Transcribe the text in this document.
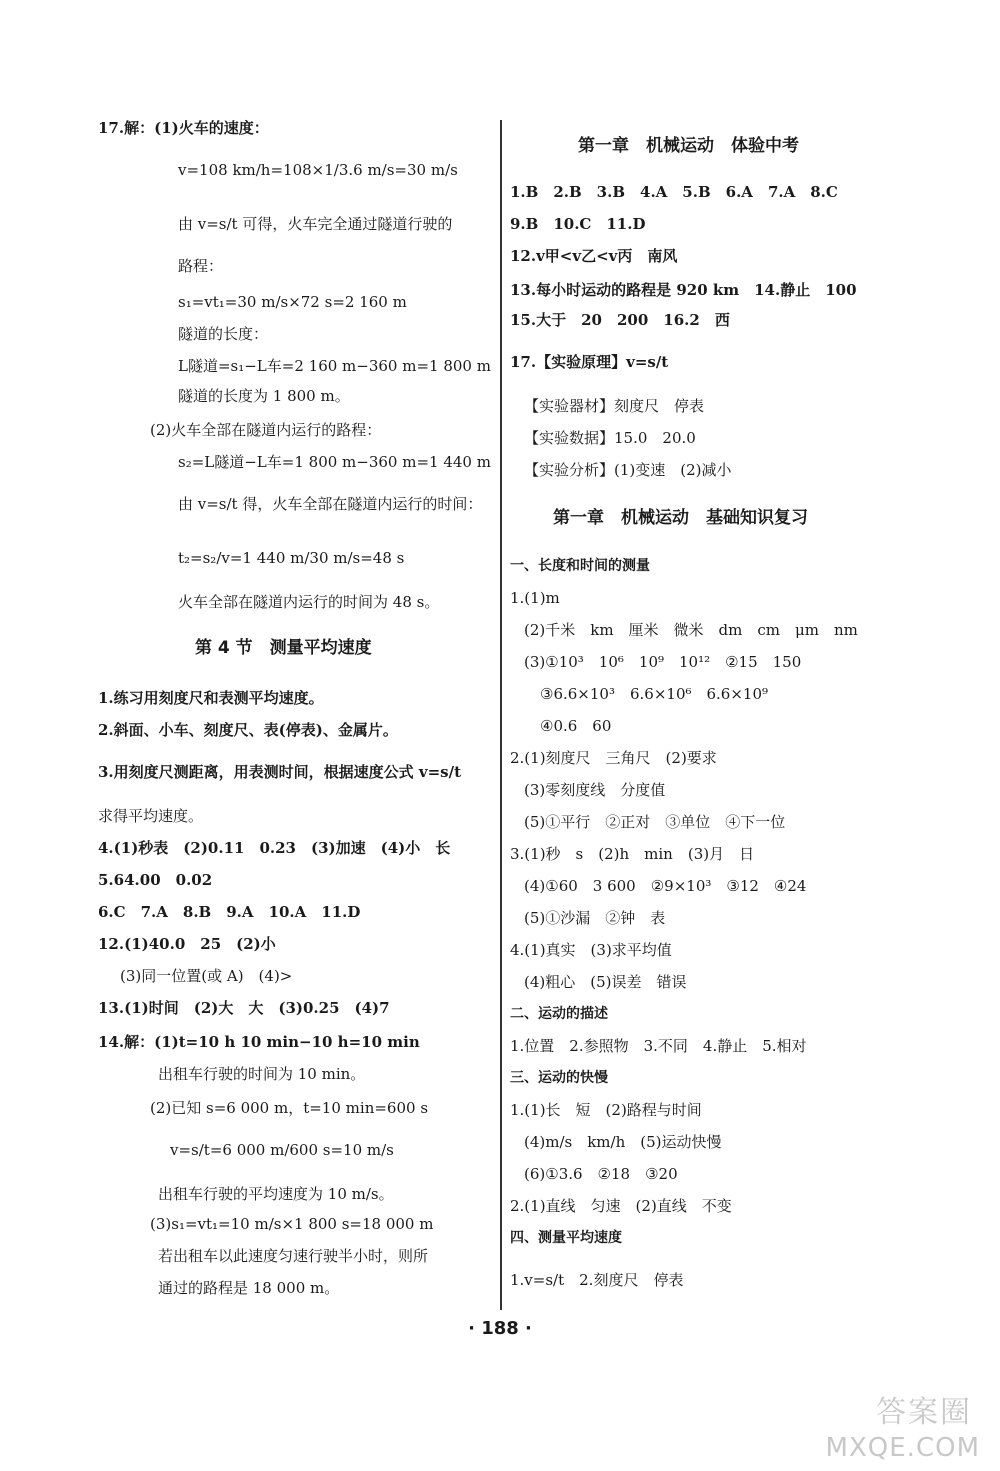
17.解：(1)火车的速度：
v=108 km/h=108×1/3.6 m/s=30 m/s
由 v=s/t 可得，火车完全通过隧道行驶的
路程：
s₁=vt₁=30 m/s×72 s=2 160 m
隧道的长度：
L隧道=s₁−L车=2 160 m−360 m=1 800 m
隧道的长度为 1 800 m。
(2)火车全部在隧道内运行的路程：
s₂=L隧道−L车=1 800 m−360 m=1 440 m
由 v=s/t 得，火车全部在隧道内运行的时间：
t₂=s₂/v=1 440 m/30 m/s=48 s
火车全部在隧道内运行的时间为 48 s。
第 4 节　测量平均速度
1.练习用刻度尺和表测平均速度。
2.斜面、小车、刻度尺、表(停表)、金属片。
3.用刻度尺测距离，用表测时间，根据速度公式 v=s/t
求得平均速度。
4.(1)秒表　(2)0.11　0.23　(3)加速　(4)小　长
5.64.00　0.02
6.C　7.A　8.B　9.A　10.A　11.D
12.(1)40.0　25　(2)小
(3)同一位置(或 A)　(4)>
13.(1)时间　(2)大　大　(3)0.25　(4)7
14.解：(1)t=10 h 10 min−10 h=10 min
出租车行驶的时间为 10 min。
(2)已知 s=6 000 m，t=10 min=600 s
v=s/t=6 000 m/600 s=10 m/s
出租车行驶的平均速度为 10 m/s。
(3)s₁=vt₁=10 m/s×1 800 s=18 000 m
若出租车以此速度匀速行驶半小时，则所
通过的路程是 18 000 m。
第一章　机械运动　体验中考
1.B　2.B　3.B　4.A　5.B　6.A　7.A　8.C
9.B　10.C　11.D
12.v甲<v乙<v丙　南风
13.每小时运动的路程是 920 km　14.静止　100
15.大于　20　200　16.2　西
17.【实验原理】v=s/t
【实验器材】刻度尺　停表
【实验数据】15.0　20.0
【实验分析】(1)变速　(2)减小
第一章　机械运动　基础知识复习
一、长度和时间的测量
1.(1)m
(2)千米　km　厘米　微米　dm　cm　μm　nm
(3)①10³　10⁶　10⁹　10¹²　②15　150
③6.6×10³　6.6×10⁶　6.6×10⁹
④0.6　60
2.(1)刻度尺　三角尺　(2)要求
(3)零刻度线　分度值
(5)①平行　②正对　③单位　④下一位
3.(1)秒　s　(2)h　min　(3)月　日
(4)①60　3 600　②9×10³　③12　④24
(5)①沙漏　②钟　表
4.(1)真实　(3)求平均值
(4)粗心　(5)误差　错误
二、运动的描述
1.位置　2.参照物　3.不同　4.静止　5.相对
三、运动的快慢
1.(1)长　短　(2)路程与时间
(4)m/s　km/h　(5)运动快慢
(6)①3.6　②18　③20
2.(1)直线　匀速　(2)直线　不变
四、测量平均速度
1.v=s/t　2.刻度尺　停表
· 188 ·
答案圈
MXQE.COM
